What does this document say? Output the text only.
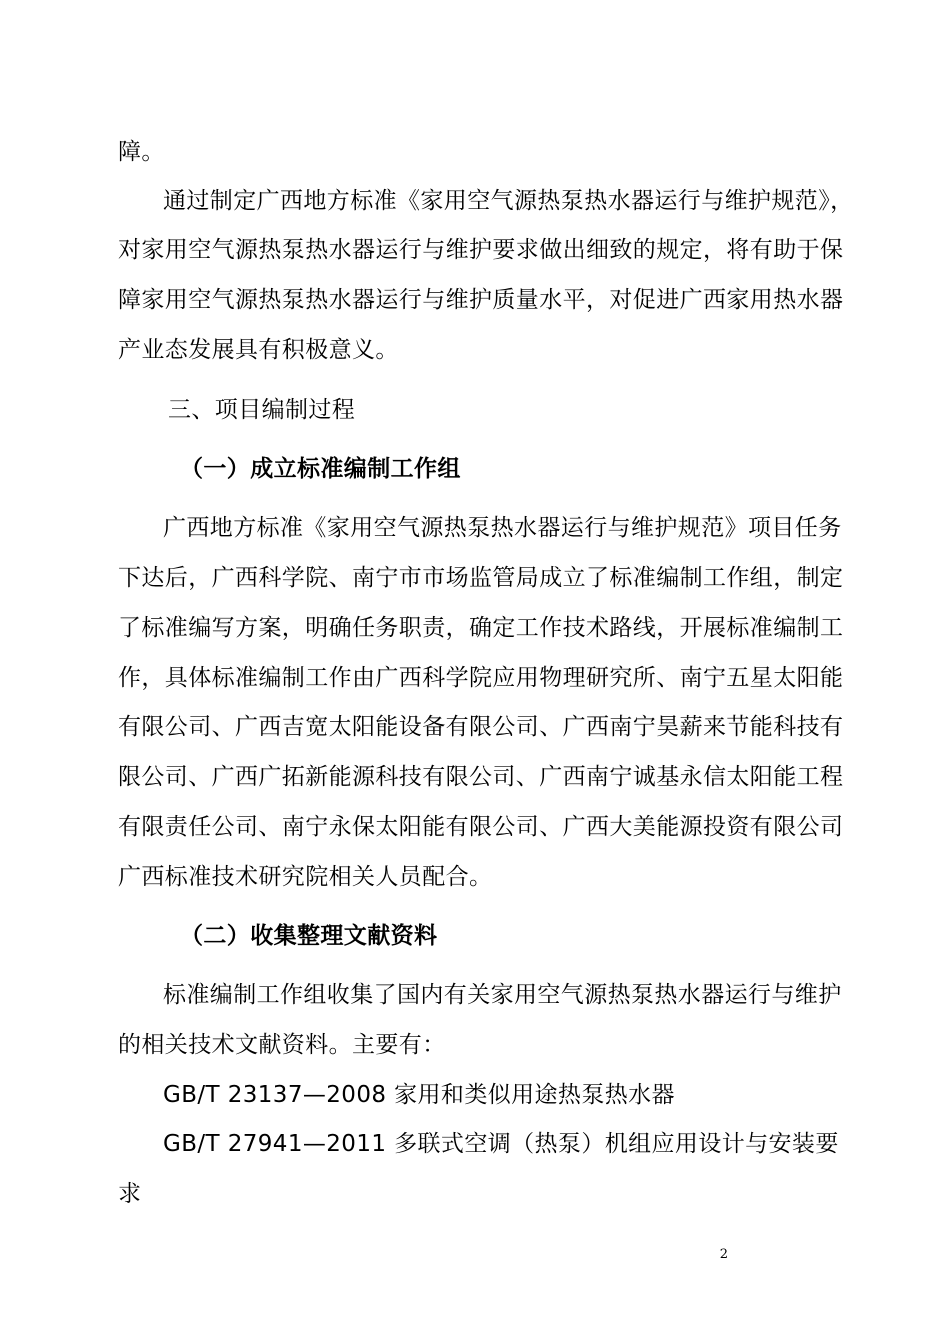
障。
通过制定广西地方标准《家用空气源热泵热水器运行与维护规范》，
对家用空气源热泵热水器运行与维护要求做出细致的规定，将有助于保
障家用空气源热泵热水器运行与维护质量水平，对促进广西家用热水器
产业态发展具有积极意义。
三、项目编制过程
（一）成立标准编制工作组
广西地方标准《家用空气源热泵热水器运行与维护规范》项目任务
下达后，广西科学院、南宁市市场监管局成立了标准编制工作组，制定
了标准编写方案，明确任务职责，确定工作技术路线，开展标准编制工
作，具体标准编制工作由广西科学院应用物理研究所、南宁五星太阳能
有限公司、广西吉宽太阳能设备有限公司、广西南宁昊薪来节能科技有
限公司、广西广拓新能源科技有限公司、广西南宁诚基永信太阳能工程
有限责任公司、南宁永保太阳能有限公司、广西大美能源投资有限公司
广西标准技术研究院相关人员配合。
（二）收集整理文献资料
标准编制工作组收集了国内有关家用空气源热泵热水器运行与维护
的相关技术文献资料。主要有：
GB/T 23137—2008 家用和类似用途热泵热水器
GB/T 27941—2011 多联式空调（热泵）机组应用设计与安装要
求
2
